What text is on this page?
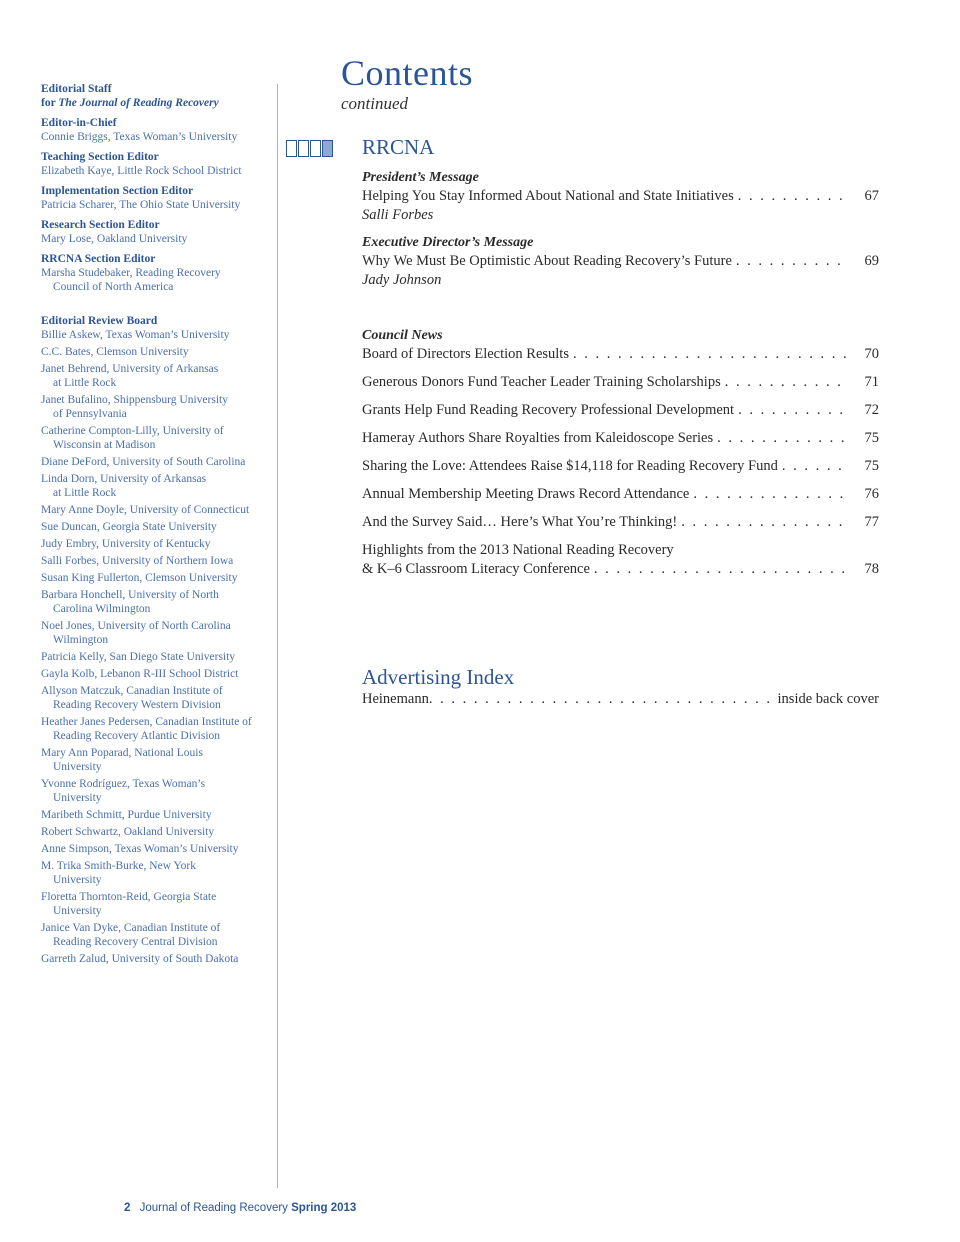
Editorial Staff
for The Journal of Reading Recovery
Editor-in-Chief
Connie Briggs, Texas Woman’s University
Teaching Section Editor
Elizabeth Kaye, Little Rock School District
Implementation Section Editor
Patricia Scharer, The Ohio State University
Research Section Editor
Mary Lose, Oakland University
RRCNA Section Editor
Marsha Studebaker, Reading Recovery
Council of North America
Editorial Review Board
Billie Askew, Texas Woman’s University
C.C. Bates, Clemson University
Janet Behrend, University of Arkansas
at Little Rock
Janet Bufalino, Shippensburg University
of Pennsylvania
Catherine Compton-Lilly, University of
Wisconsin at Madison
Diane DeFord, University of South Carolina
Linda Dorn, University of Arkansas
at Little Rock
Mary Anne Doyle, University of Connecticut
Sue Duncan, Georgia State University
Judy Embry, University of Kentucky
Salli Forbes, University of Northern Iowa
Susan King Fullerton, Clemson University
Barbara Honchell, University of North
Carolina Wilmington
Noel Jones, University of North Carolina
Wilmington
Patricia Kelly, San Diego State University
Gayla Kolb, Lebanon R-III School District
Allyson Matczuk, Canadian Institute of
Reading Recovery Western Division
Heather Janes Pedersen, Canadian Institute of
Reading Recovery Atlantic Division
Mary Ann Poparad, National Louis
University
Yvonne Rodríguez, Texas Woman’s
University
Maribeth Schmitt, Purdue University
Robert Schwartz, Oakland University
Anne Simpson, Texas Woman’s University
M. Trika Smith-Burke, New York
University
Floretta Thornton-Reid, Georgia State
University
Janice Van Dyke, Canadian Institute of
Reading Recovery Central Division
Garreth Zalud, University of South Dakota
Contents
continued
RRCNA
President’s Message
Helping You Stay Informed About National and State Initiatives . . .	67
Salli Forbes
Executive Director’s Message
Why We Must Be Optimistic About Reading Recovery’s Future . . .	69
Jady Johnson
Council News
Board of Directors Election Results . . .	70
Generous Donors Fund Teacher Leader Training Scholarships . . .	71
Grants Help Fund Reading Recovery Professional Development . . .	72
Hameray Authors Share Royalties from Kaleidoscope Series . . .	75
Sharing the Love: Attendees Raise $14,118 for Reading Recovery Fund . . .	75
Annual Membership Meeting Draws Record Attendance . . .	76
And the Survey Said… Here’s What You’re Thinking! . . .	77
Highlights from the 2013 National Reading Recovery
& K–6 Classroom Literacy Conference . . .	78
Advertising Index
Heinemann . . .	inside back cover
2 Journal of Reading Recovery Spring 2013
